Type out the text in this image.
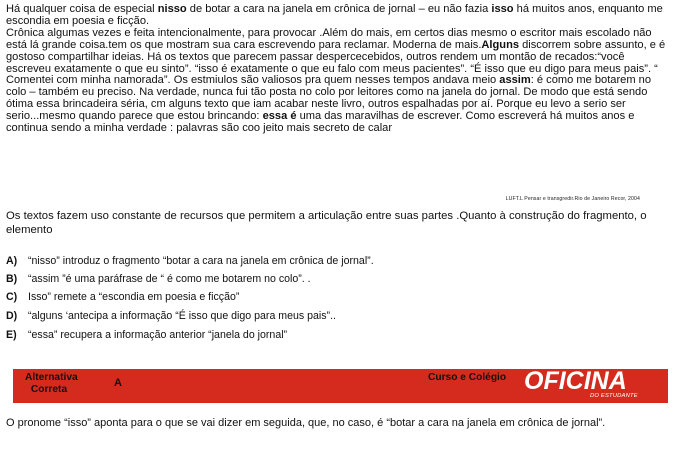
Há qualquer coisa de especial nisso de botar a cara na janela em crônica de jornal – eu não fazia isso há muitos anos, enquanto me escondia em poesia e ficção.

Crônica algumas vezes e feita intencionalmente, para provocar .Além do mais, em certos dias mesmo o escritor mais escolado não está lá grande coisa.tem os que mostram sua cara escrevendo para reclamar. Moderna de mais.Alguns discorrem sobre assunto, e é gostoso compartilhar ideias. Há os textos que parecem passar despercecebidos, outros rendem um montão de recados:“você escreveu exatamente o que eu sinto”. “isso é exatamente o que eu falo com meus pacientes”. “É isso que eu digo para meus pais”. “ Comentei com minha namorada”. Os estmiulos são valiosos pra quem nesses tempos andava meio assim: é como me botarem no colo – também eu preciso. Na verdade, nunca fui tão posta no colo por leitores como na janela do jornal. De modo que está sendo ótima essa brincadeira séria, cm alguns texto que iam acabar neste livro, outros espalhadas por aí. Porque eu levo a serio ser serio...mesmo quando parece que estou brincando: essa é uma das maravilhas de escrever. Como escreverá há muitos anos e continua sendo a minha verdade : palavras são coo jeito mais secreto de calar

LUFT.L Pensar e transgredir.Rio de Janeiro Recor, 2004
Os textos fazem uso constante de recursos que permitem a articulação entre suas partes .Quanto à construção do fragmento, o elemento
A)	“nisso” introduz o fragmento “botar a cara na janela em crônica de jornal”.
B)	“assim ”é uma paráfrase de “ é como me botarem no colo”. .
C)	Isso” remete a “escondia em poesia e ficção”
D)	“alguns ‘antecipa a informação “É isso que digo para meus pais”..
E)	“essa” recupera a informação anterior “janela do jornal”
Alternativa Correta	A	Curso e Colégio OFICINA
DO ESTUDANTE
O pronome “isso” aponta para o que se vai dizer em seguida, que, no caso, é “botar a cara na janela em crônica de jornal”.
